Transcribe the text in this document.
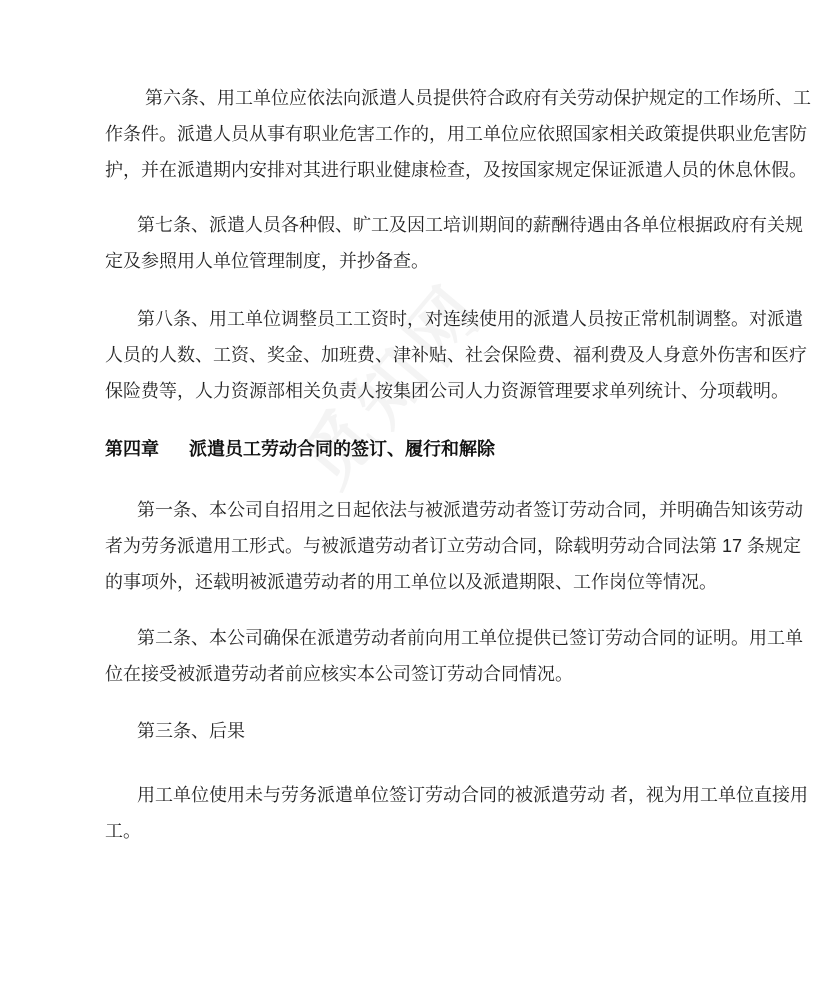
第六条、用工单位应依法向派遣人员提供符合政府有关劳动保护规定的工作场所、工
作条件。派遣人员从事有职业危害工作的，用工单位应依照国家相关政策提供职业危害防
护，并在派遣期内安排对其进行职业健康检查，及按国家规定保证派遣人员的休息休假。
第七条、派遣人员各种假、旷工及因工培训期间的薪酬待遇由各单位根据政府有关规
定及参照用人单位管理制度，并抄备查。
第八条、用工单位调整员工工资时，对连续使用的派遣人员按正常机制调整。对派遣
人员的人数、工资、奖金、加班费、津补贴、社会保险费、福利费及人身意外伤害和医疗
保险费等，人力资源部相关负责人按集团公司人力资源管理要求单列统计、分项载明。
第四章 派遣员工劳动合同的签订、履行和解除
第一条、本公司自招用之日起依法与被派遣劳动者签订劳动合同，并明确告知该劳动
者为劳务派遣用工形式。与被派遣劳动者订立劳动合同，除载明劳动合同法第 17 条规定
的事项外，还载明被派遣劳动者的用工单位以及派遣期限、工作岗位等情况。
第二条、本公司确保在派遣劳动者前向用工单位提供已签订劳动合同的证明。用工单
位在接受被派遣劳动者前应核实本公司签订劳动合同情况。
第三条、后果
用工单位使用未与劳务派遣单位签订劳动合同的被派遣劳动 者，视为用工单位直接用
工。
